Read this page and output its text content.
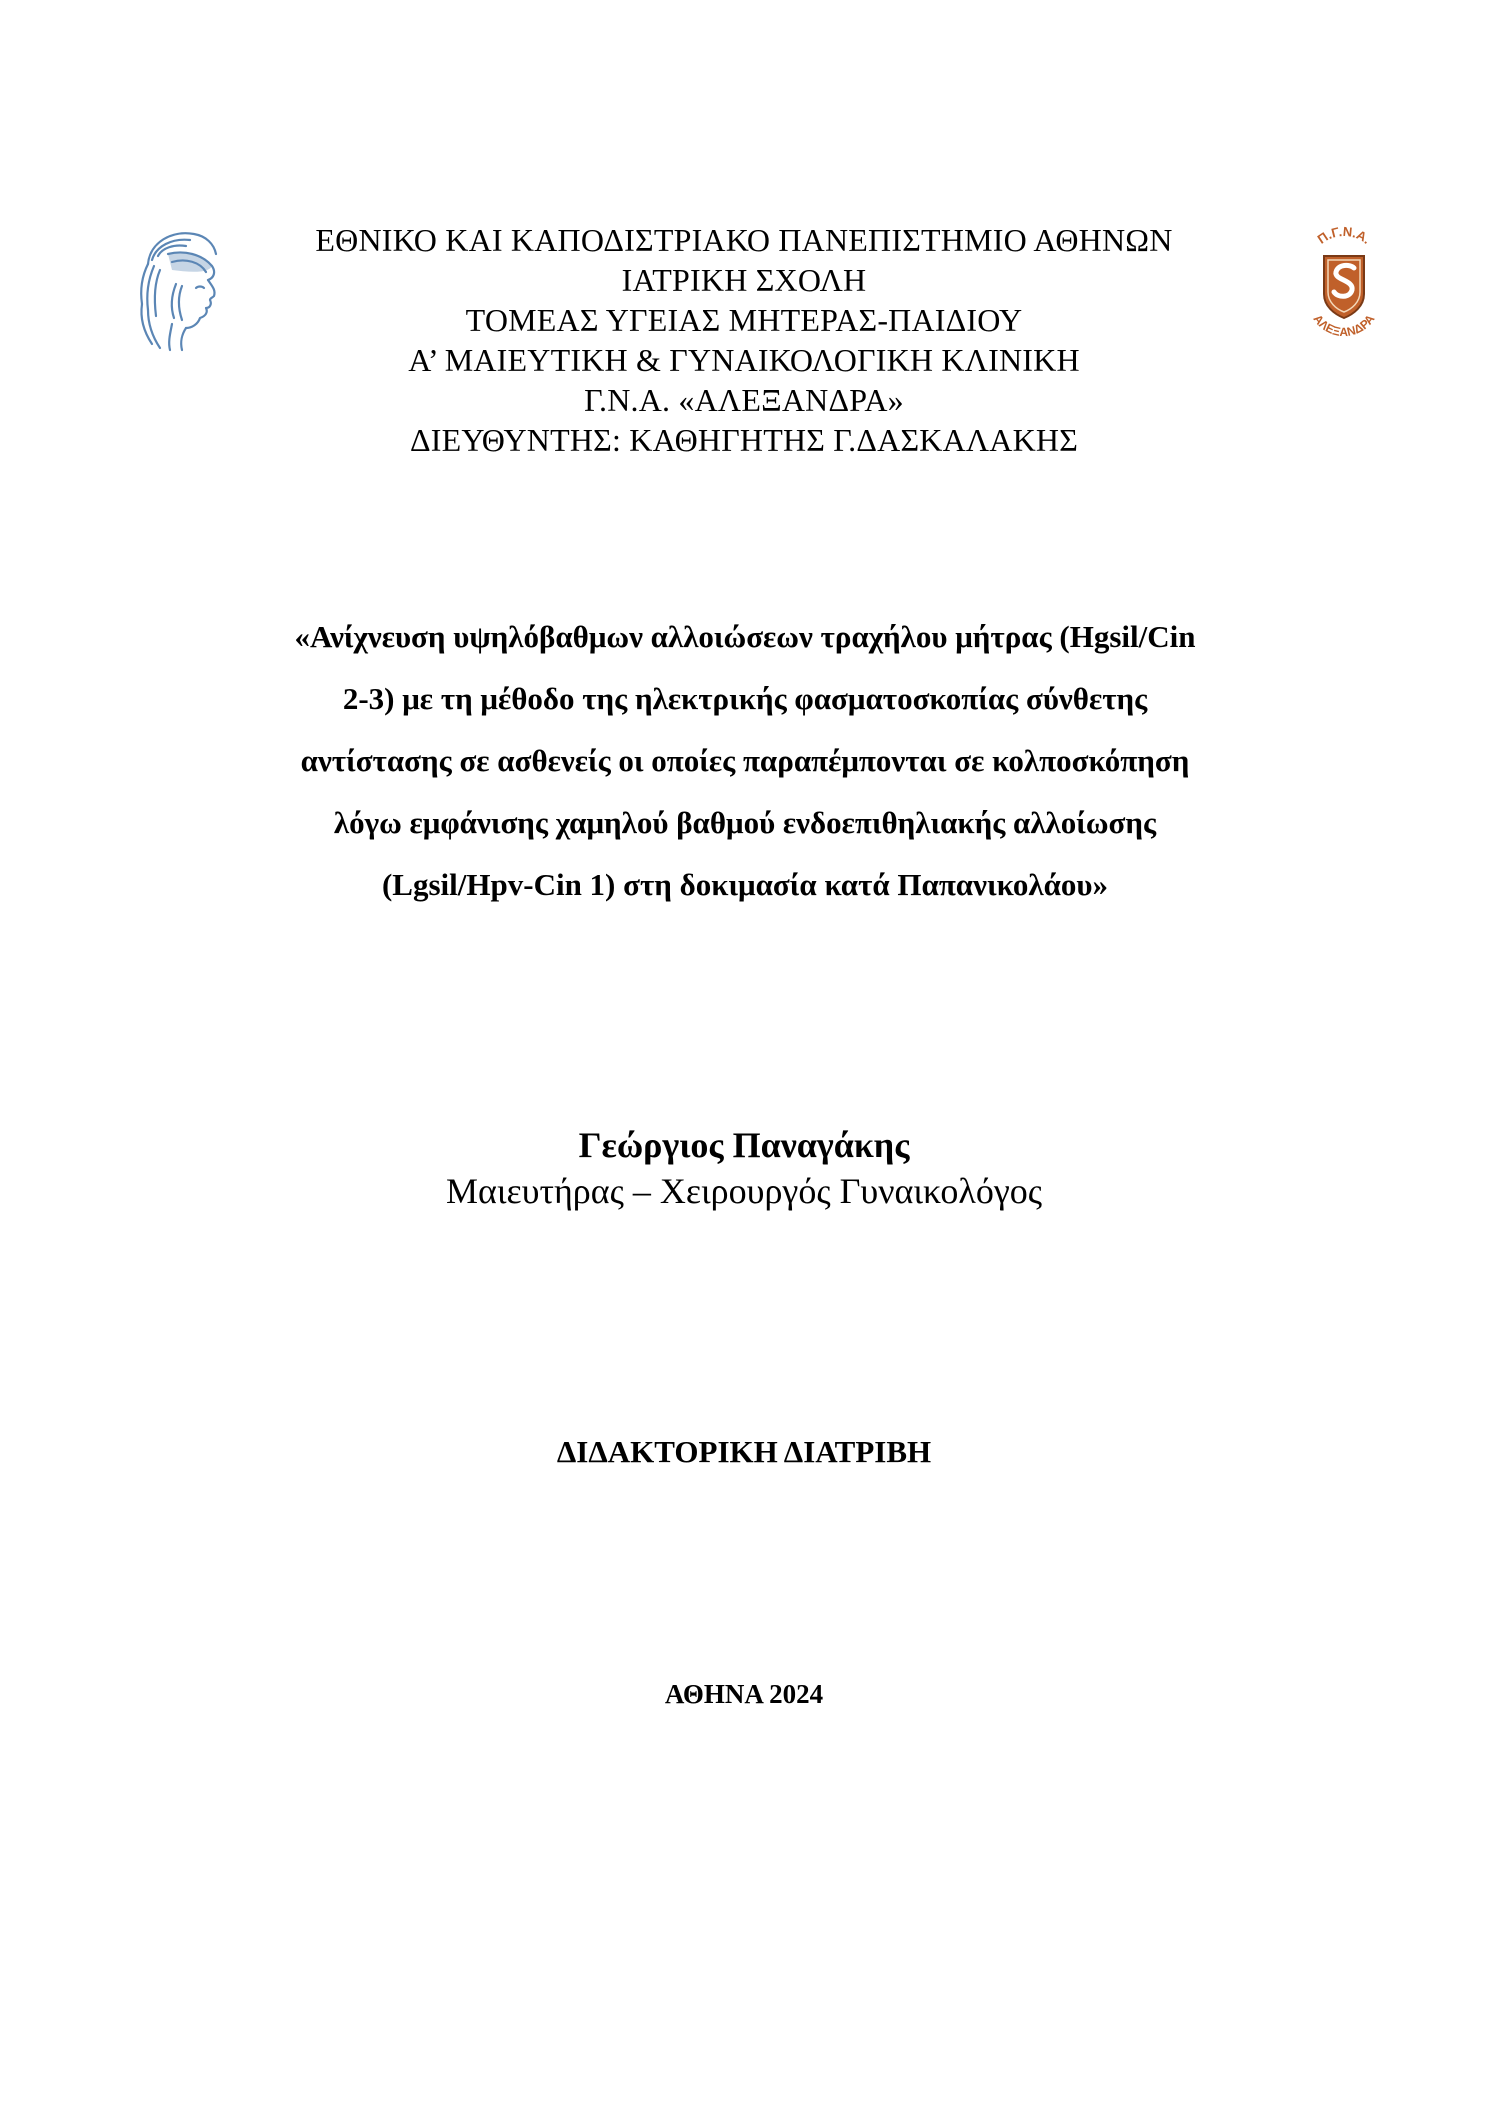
Π.Γ.Ν.Α.
ΑΛΕΞΑΝΔΡΑ
ΕΘΝΙΚΟ ΚΑΙ ΚΑΠΟΔΙΣΤΡΙΑΚΟ ΠΑΝΕΠΙΣΤΗΜΙΟ ΑΘΗΝΩΝ
ΙΑΤΡΙΚΗ ΣΧΟΛΗ
ΤΟΜΕΑΣ ΥΓΕΙΑΣ ΜΗΤΕΡΑΣ-ΠΑΙΔΙΟΥ
Α’ ΜΑΙΕΥΤΙΚΗ & ΓΥΝΑΙΚΟΛΟΓΙΚΗ ΚΛΙΝΙΚΗ
Γ.Ν.Α. «ΑΛΕΞΑΝΔΡΑ»
ΔΙΕΥΘΥΝΤΗΣ: ΚΑΘΗΓΗΤΗΣ Γ.ΔΑΣΚΑΛΑΚΗΣ
«Ανίχνευση υψηλόβαθμων αλλοιώσεων τραχήλου μήτρας (Hgsil/Cin
2-3) με τη μέθοδο της ηλεκτρικής φασματοσκοπίας σύνθετης
αντίστασης σε ασθενείς οι οποίες παραπέμπονται σε κολποσκόπηση
λόγω εμφάνισης χαμηλού βαθμού ενδοεπιθηλιακής αλλοίωσης
(Lgsil/Hpv-Cin 1) στη δοκιμασία κατά Παπανικολάου»
Γεώργιος Παναγάκης
Μαιευτήρας – Χειρουργός Γυναικολόγος
ΔΙΔΑΚΤΟΡΙΚΗ ΔΙΑΤΡΙΒΗ
ΑΘΗΝΑ 2024
